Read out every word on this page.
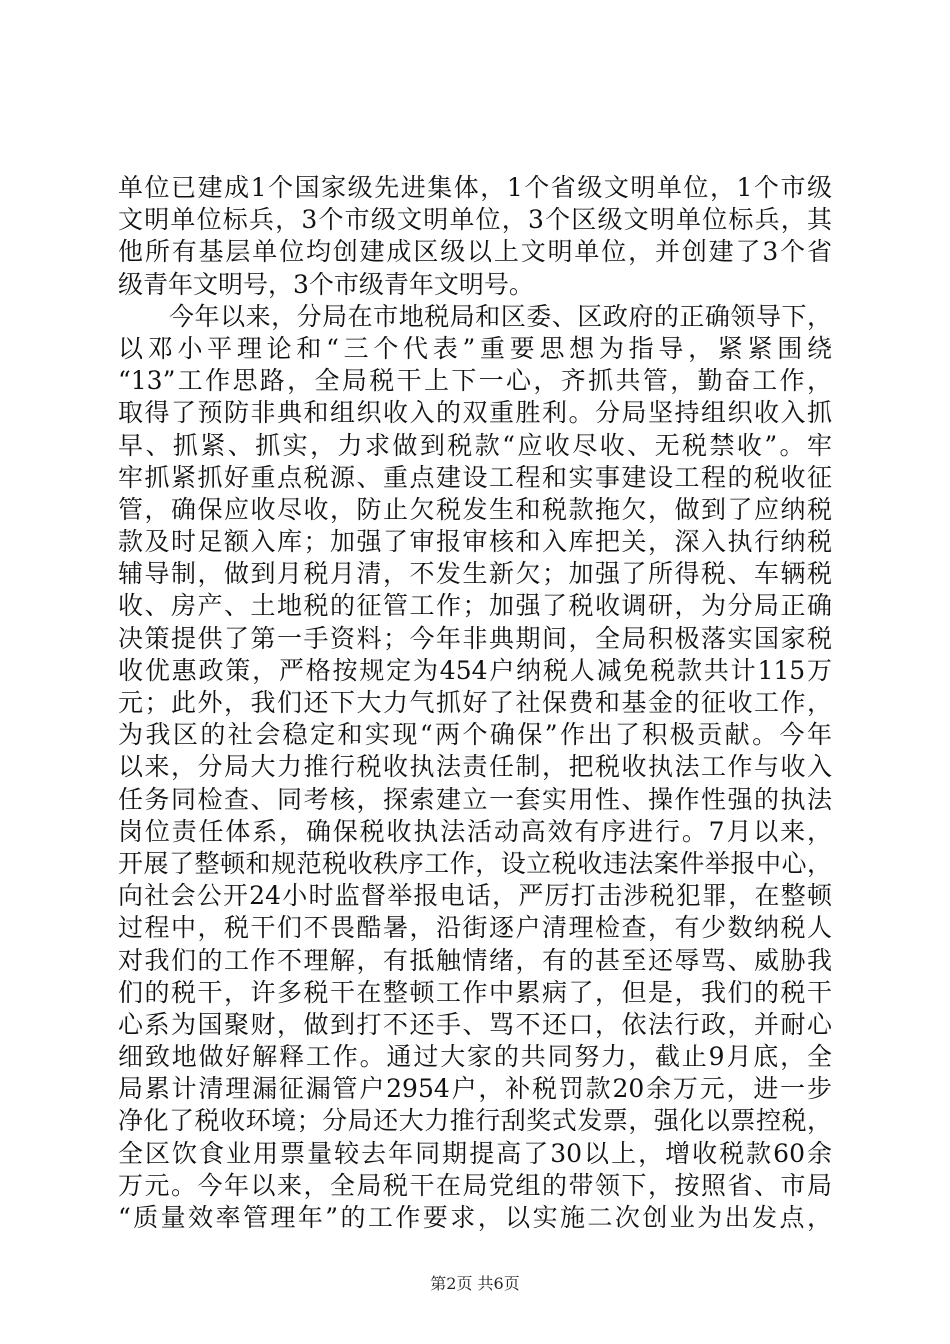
单位已建成1个国家级先进集体，1个省级文明单位，1个市级
文明单位标兵，3个市级文明单位，3个区级文明单位标兵，其
他所有基层单位均创建成区级以上文明单位，并创建了3个省
级青年文明号，3个市级青年文明号。
　　今年以来，分局在市地税局和区委、区政府的正确领导下，
以邓小平理论和“三个代表”重要思想为指导，紧紧围绕
“13”工作思路，全局税干上下一心，齐抓共管，勤奋工作，
取得了预防非典和组织收入的双重胜利。分局坚持组织收入抓
早、抓紧、抓实，力求做到税款“应收尽收、无税禁收”。牢
牢抓紧抓好重点税源、重点建设工程和实事建设工程的税收征
管，确保应收尽收，防止欠税发生和税款拖欠，做到了应纳税
款及时足额入库；加强了审报审核和入库把关，深入执行纳税
辅导制，做到月税月清，不发生新欠；加强了所得税、车辆税
收、房产、土地税的征管工作；加强了税收调研，为分局正确
决策提供了第一手资料；今年非典期间，全局积极落实国家税
收优惠政策，严格按规定为454户纳税人减免税款共计115万
元；此外，我们还下大力气抓好了社保费和基金的征收工作，
为我区的社会稳定和实现“两个确保”作出了积极贡献。今年
以来，分局大力推行税收执法责任制，把税收执法工作与收入
任务同检查、同考核，探索建立一套实用性、操作性强的执法
岗位责任体系，确保税收执法活动高效有序进行。7月以来，
开展了整顿和规范税收秩序工作，设立税收违法案件举报中心，
向社会公开24小时监督举报电话，严厉打击涉税犯罪，在整顿
过程中，税干们不畏酷暑，沿街逐户清理检查，有少数纳税人
对我们的工作不理解，有抵触情绪，有的甚至还辱骂、威胁我
们的税干，许多税干在整顿工作中累病了，但是，我们的税干
心系为国聚财，做到打不还手、骂不还口，依法行政，并耐心
细致地做好解释工作。通过大家的共同努力，截止9月底，全
局累计清理漏征漏管户2954户，补税罚款20余万元，进一步
净化了税收环境；分局还大力推行刮奖式发票，强化以票控税，
全区饮食业用票量较去年同期提高了30以上，增收税款60余
万元。今年以来，全局税干在局党组的带领下，按照省、市局
“质量效率管理年”的工作要求，以实施二次创业为出发点，
第2页 共6页
